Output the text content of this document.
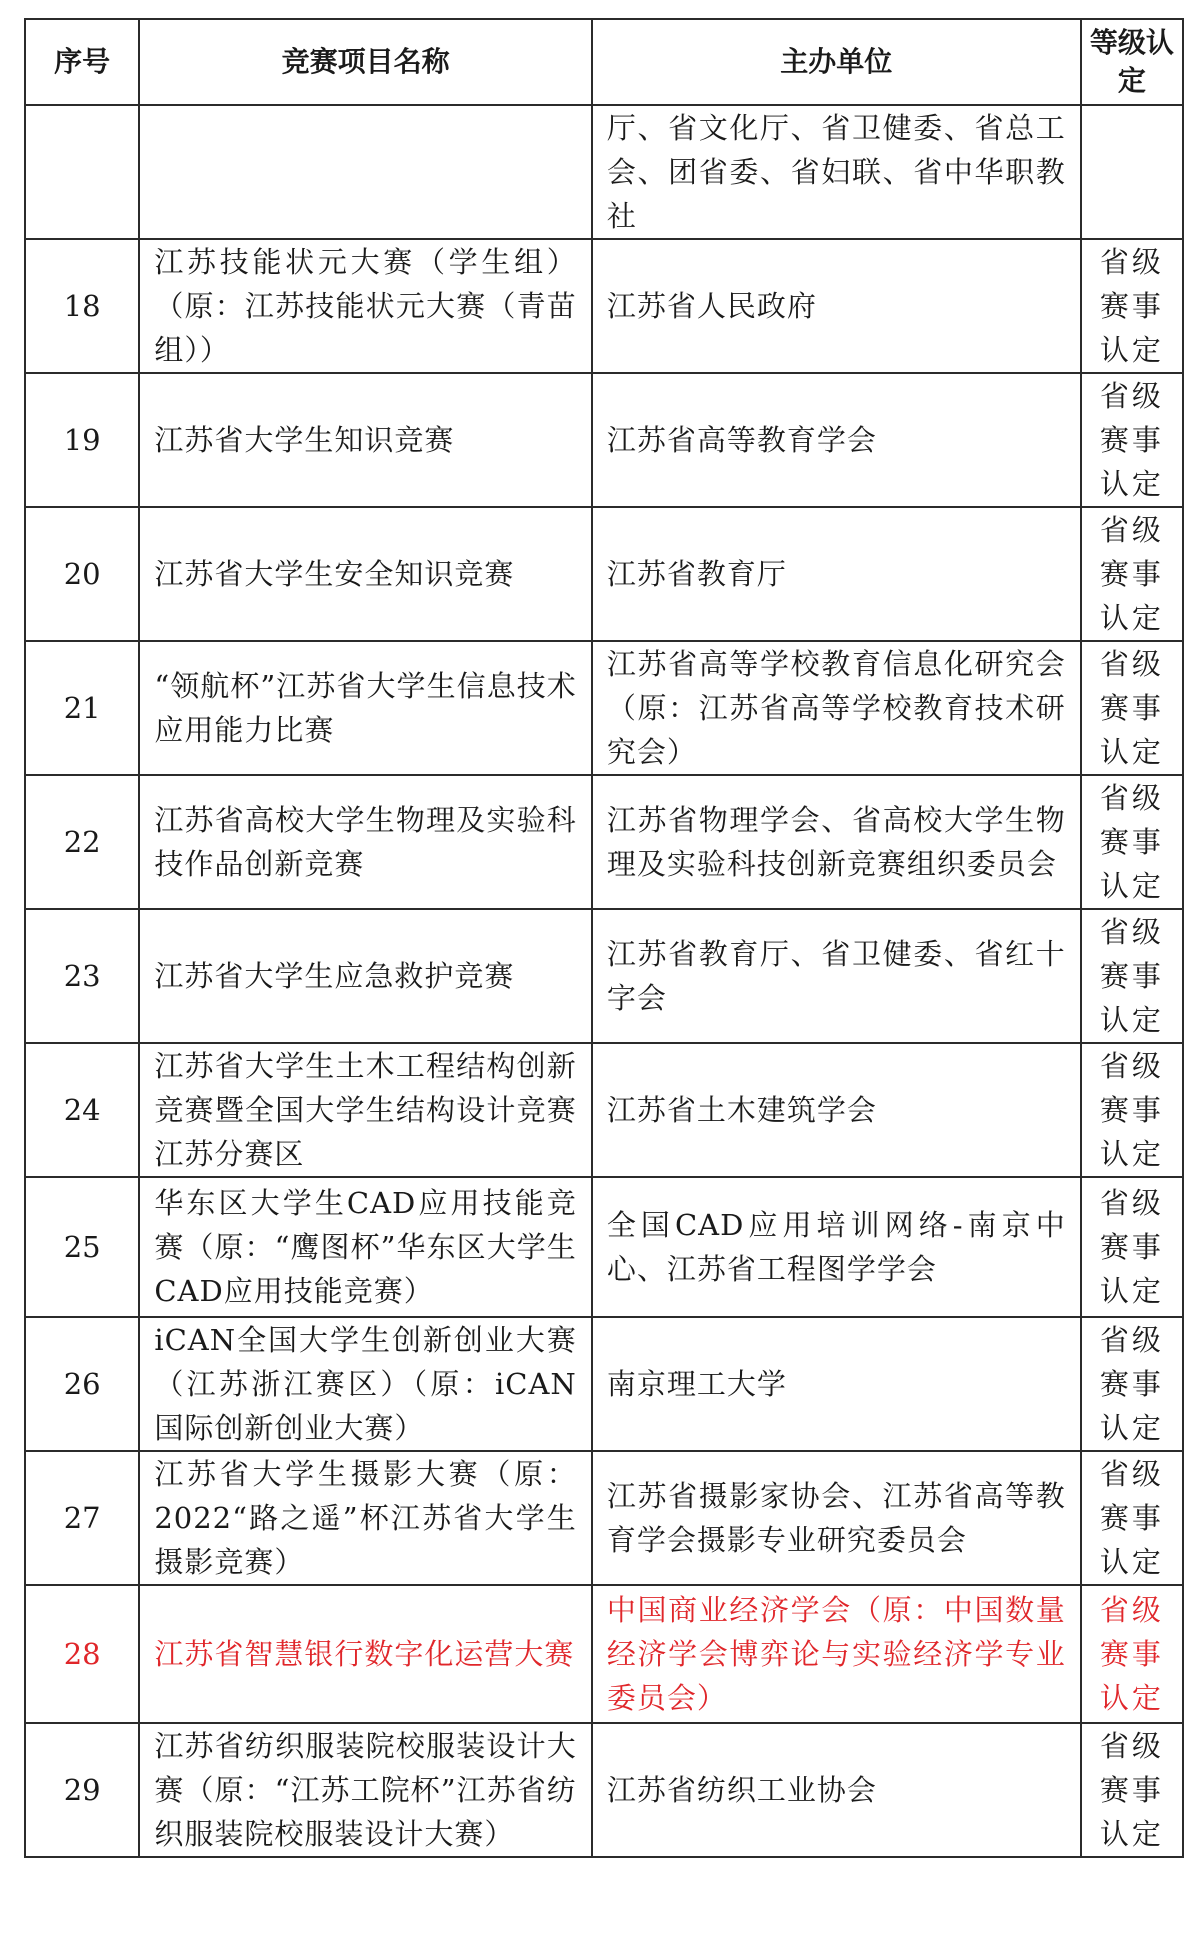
序号	竞赛项目名称	主办单位	等级认定
		厅、省文化厅、省卫健委、省总工会、团省委、省妇联、省中华职教社	
18	江苏技能状元大赛（学生组）（原：江苏技能状元大赛（青苗组））	江苏省人民政府	省级赛事认定
19	江苏省大学生知识竞赛	江苏省高等教育学会	省级赛事认定
20	江苏省大学生安全知识竞赛	江苏省教育厅	省级赛事认定
21	“领航杯”江苏省大学生信息技术应用能力比赛	江苏省高等学校教育信息化研究会（原：江苏省高等学校教育技术研究会）	省级赛事认定
22	江苏省高校大学生物理及实验科技作品创新竞赛	江苏省物理学会、省高校大学生物理及实验科技创新竞赛组织委员会	省级赛事认定
23	江苏省大学生应急救护竞赛	江苏省教育厅、省卫健委、省红十字会	省级赛事认定
24	江苏省大学生土木工程结构创新竞赛暨全国大学生结构设计竞赛江苏分赛区	江苏省土木建筑学会	省级赛事认定
25	华东区大学生CAD应用技能竞赛（原：“鹰图杯”华东区大学生CAD应用技能竞赛）	全国CAD应用培训网络-南京中心、江苏省工程图学学会	省级赛事认定
26	iCAN全国大学生创新创业大赛（江苏浙江赛区）（原：iCAN国际创新创业大赛）	南京理工大学	省级赛事认定
27	江苏省大学生摄影大赛（原：2022“路之遥”杯江苏省大学生摄影竞赛）	江苏省摄影家协会、江苏省高等教育学会摄影专业研究委员会	省级赛事认定
28	江苏省智慧银行数字化运营大赛	中国商业经济学会（原：中国数量经济学会博弈论与实验经济学专业委员会）	省级赛事认定
29	江苏省纺织服装院校服装设计大赛（原：“江苏工院杯”江苏省纺织服装院校服装设计大赛）	江苏省纺织工业协会	省级赛事认定
